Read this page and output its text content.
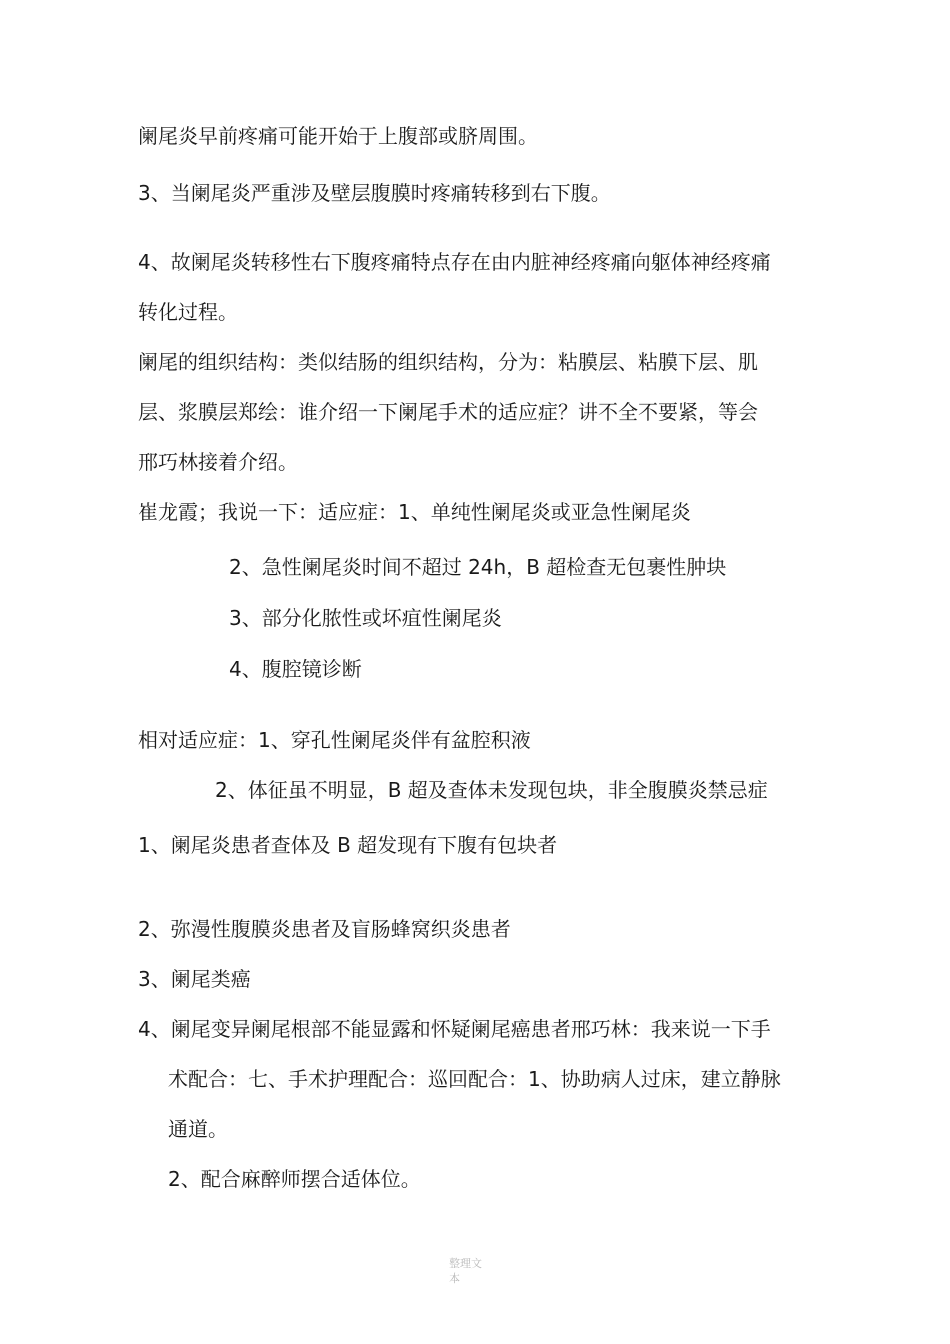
阑尾炎早前疼痛可能开始于上腹部或脐周围。
3、当阑尾炎严重涉及壁层腹膜时疼痛转移到右下腹。
4、故阑尾炎转移性右下腹疼痛特点存在由内脏神经疼痛向躯体神经疼痛
转化过程。
阑尾的组织结构：类似结肠的组织结构，分为：粘膜层、粘膜下层、肌
层、浆膜层郑绘：谁介绍一下阑尾手术的适应症？讲不全不要紧，等会
邢巧林接着介绍。
崔龙霞；我说一下：适应症：1、单纯性阑尾炎或亚急性阑尾炎
2、急性阑尾炎时间不超过 24h，B 超检查无包裹性肿块
3、部分化脓性或坏疽性阑尾炎
4、腹腔镜诊断
相对适应症：1、穿孔性阑尾炎伴有盆腔积液
2、体征虽不明显，B 超及查体未发现包块，非全腹膜炎禁忌症
1、阑尾炎患者查体及 B 超发现有下腹有包块者
2、弥漫性腹膜炎患者及盲肠蜂窝织炎患者
3、阑尾类癌
4、阑尾变异阑尾根部不能显露和怀疑阑尾癌患者邢巧林：我来说一下手
术配合：七、手术护理配合：巡回配合：1、协助病人过床，建立静脉
通道。
2、配合麻醉师摆合适体位。
整理文本
